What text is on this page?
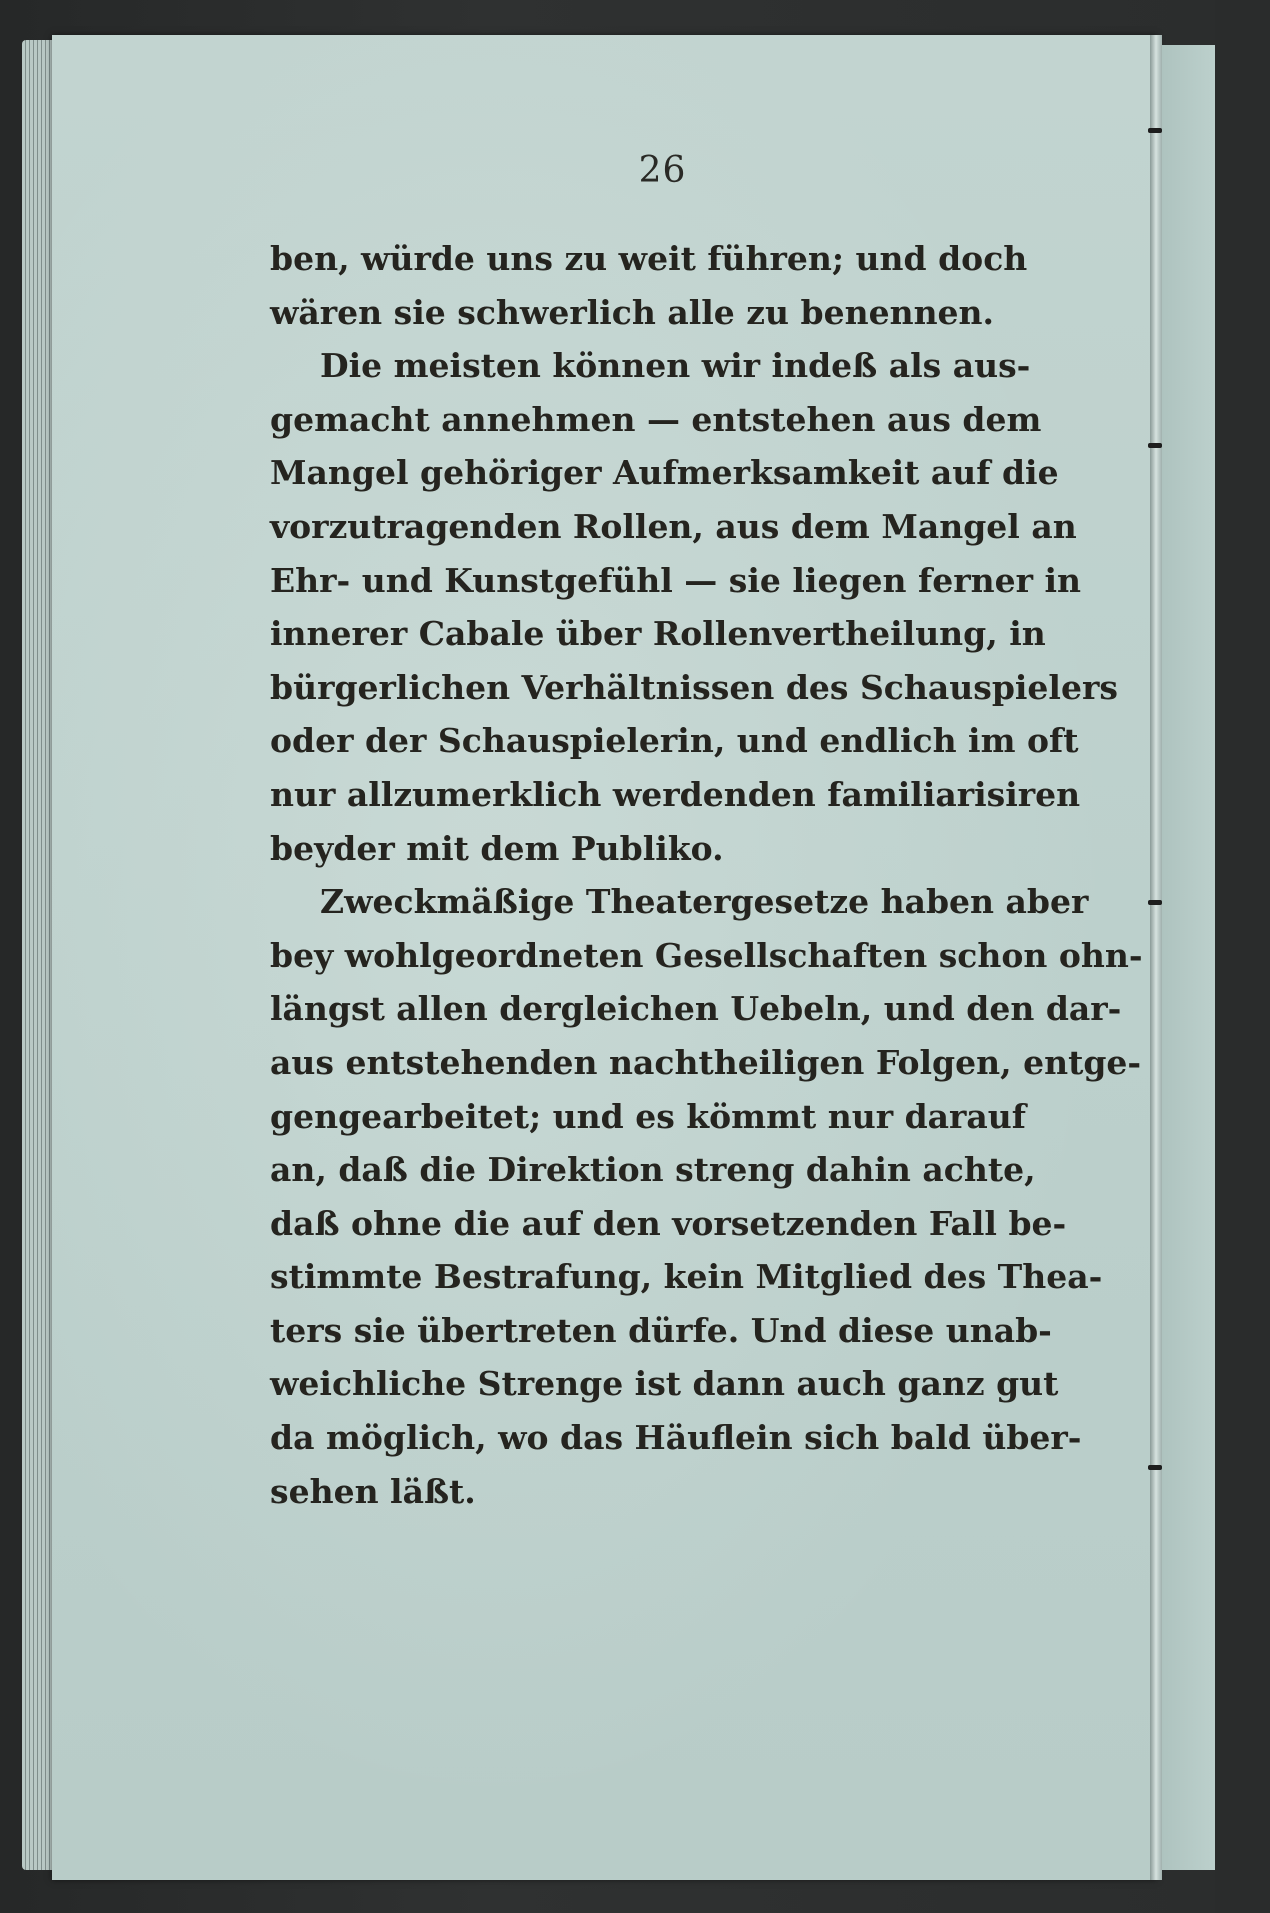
26
ben, würde uns zu weit führen; und doch
wären sie schwerlich alle zu benennen.
Die meisten können wir indeß als aus-
gemacht annehmen — entstehen aus dem
Mangel gehöriger Aufmerksamkeit auf die
vorzutragenden Rollen, aus dem Mangel an
Ehr- und Kunstgefühl — sie liegen ferner in
innerer Cabale über Rollenvertheilung, in
bürgerlichen Verhältnissen des Schauspielers
oder der Schauspielerin, und endlich im oft
nur allzumerklich werdenden familiarisiren
beyder mit dem Publiko.
Zweckmäßige Theatergesetze haben aber
bey wohlgeordneten Gesellschaften schon ohn-
längst allen dergleichen Uebeln, und den dar-
aus entstehenden nachtheiligen Folgen, entge-
gengearbeitet; und es kömmt nur darauf
an, daß die Direktion streng dahin achte,
daß ohne die auf den vorsetzenden Fall be-
stimmte Bestrafung, kein Mitglied des Thea-
ters sie übertreten dürfe. Und diese unab-
weichliche Strenge ist dann auch ganz gut
da möglich, wo das Häuflein sich bald über-
sehen läßt.
